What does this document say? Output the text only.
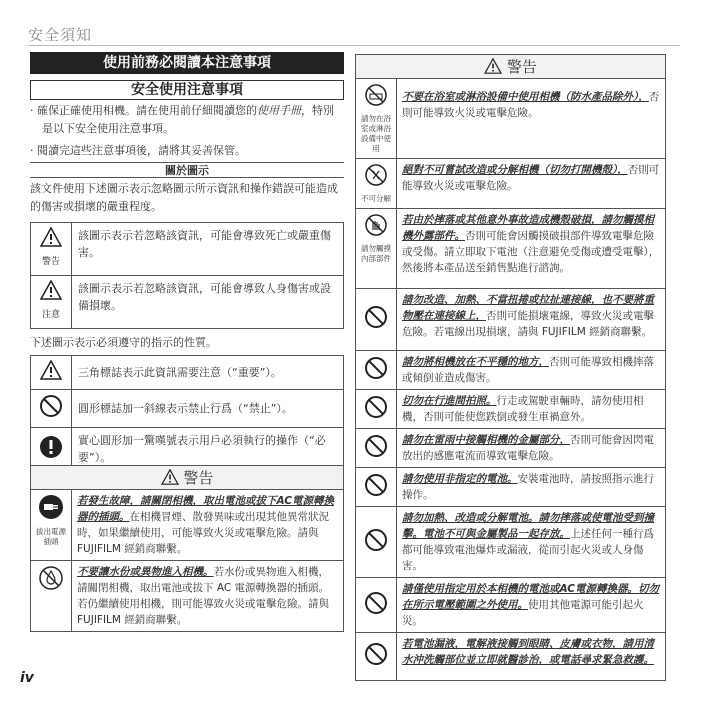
安全須知
使用前務必閱讀本注意事項
安全使用注意事項

· 確保正確使用相機。請在使用前仔細閱讀您的使用手冊，特別是以下安全使用注意事項。

· 閱讀完這些注意事項後，請將其妥善保管。

關於圖示
該文件使用下述圖示表示忽略圖示所示資訊和操作錯誤可能造成的傷害或損壞的嚴重程度。
警告	該圖示表示若忽略該資訊，可能會導致死亡或嚴重傷害。

注意	該圖示表示若忽略該資訊，可能會導致人身傷害或設備損壞。
下述圖示表示必須遵守的指示的性質。
	三角標誌表示此資訊需要注意（“重要”）。
	圓形標誌加一斜線表示禁止行爲（“禁止”）。
	實心圓形加一驚嘆號表示用戶必須執行的操作（“必要”）。
警告	

拔出電源插頭	若發生故障，請關閉相機，取出電池或拔下AC電源轉換器的插頭。在相機冒煙、散發異味或出現其他異常狀況時，如果繼續使用，可能導致火災或電擊危險。請與 FUJIFILM 經銷商聯繫。
	不要讓水份或異物進入相機。若水份或異物進入相機，請關閉相機，取出電池或拔下 AC 電源轉換器的插頭。若仍繼續使用相機，則可能導致火災或電擊危險。請與 FUJIFILM 經銷商聯繫。
警告	

請勿在浴室或淋浴設備中使用	不要在浴室或淋浴設備中使用相機（防水產品除外），否則可能導致火災或電擊危險。

不可分解	絕對不可嘗試改造或分解相機（切勿打開機殼），否則可能導致火災或電擊危險。

請勿觸摸內部部件	若由於摔落或其他意外事故造成機殼破損，請勿觸摸相機外露部件。否則可能會因觸摸破損部件導致電擊危險或受傷。請立即取下電池（注意避免受傷或遭受電擊），然後將本產品送至銷售點進行諮詢。
	請勿改造、加熱、不當扭捲或拉扯連接線，也不要將重物壓在連接線上，否則可能損壞電線，導致火災或電擊危險。若電線出現損壞，請與 FUJIFILM 經銷商聯繫。
	請勿將相機放在不平穩的地方，否則可能導致相機摔落或傾倒並造成傷害。
	切勿在行進間拍照。行走或駕駛車輛時，請勿使用相機，否則可能使您跌倒或發生車禍意外。
	請勿在雷雨中接觸相機的金屬部分，否則可能會因閃電放出的感應電流而導致電擊危險。
	請勿使用非指定的電池。安裝電池時，請按照指示進行操作。
	請勿加熱、改造或分解電池。請勿摔落或使電池受到撞擊。電池不可與金屬製品一起存放。上述任何一種行爲都可能導致電池爆炸或漏液，從而引起火災或人身傷害。
	請僅使用指定用於本相機的電池或AC電源轉換器。切勿在所示電壓範圍之外使用。使用其他電源可能引起火災。
	若電池漏液，電解液接觸到眼睛、皮膚或衣物，請用清水沖洗觸部位並立即就醫診治，或電話尋求緊急救護。
iv
